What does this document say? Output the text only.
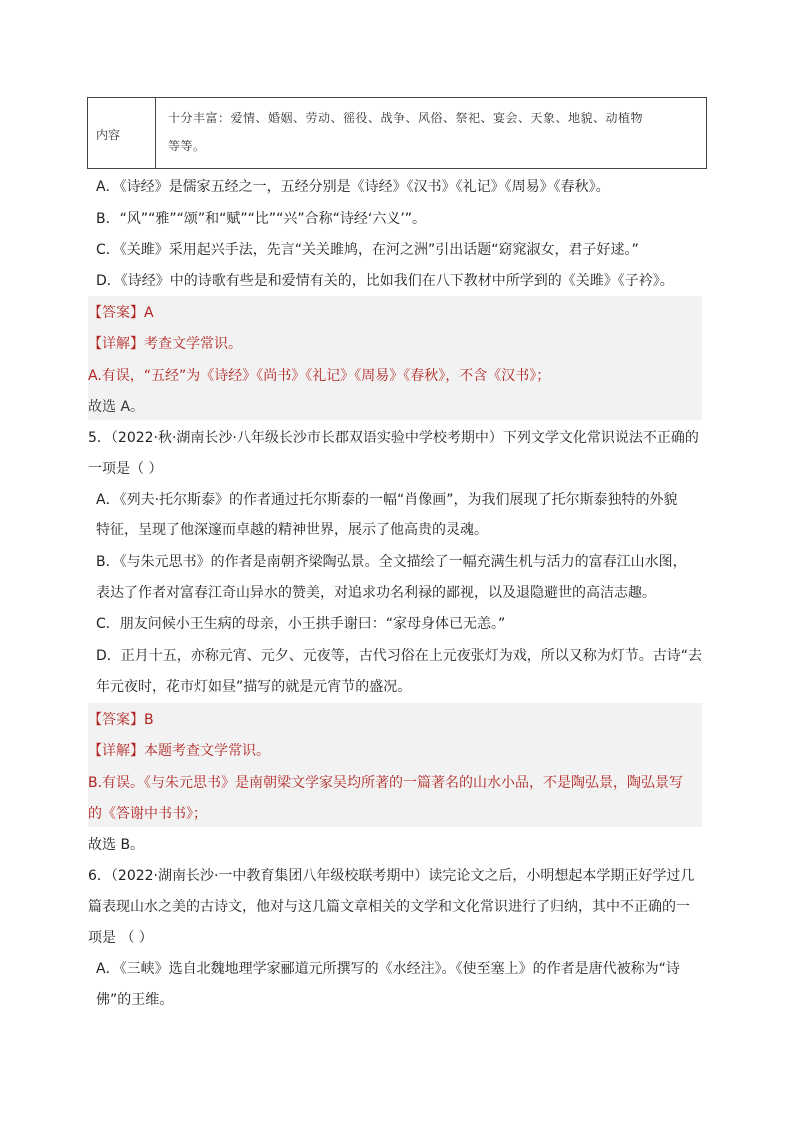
内容
十分丰富：爱情、婚姻、劳动、徭役、战争、风俗、祭祀、宴会、天象、地貌、动植物
等等。
A．《诗经》是儒家五经之一，五经分别是《诗经》《汉书》《礼记》《周易》《春秋》。
B．“风”“雅”“颂”和“赋”“比”“兴”合称“诗经‘六义’”。
C．《关雎》采用起兴手法，先言“关关雎鸠，在河之洲”引出话题“窈窕淑女，君子好逑。”
D．《诗经》中的诗歌有些是和爱情有关的，比如我们在八下教材中所学到的《关雎》《子衿》。
【答案】A
【详解】考查文学常识。
A.有误，“五经”为《诗经》《尚书》《礼记》《周易》《春秋》，不含《汉书》；
故选 A。
5．（2022·秋·湖南长沙·八年级长沙市长郡双语实验中学校考期中）下列文学文化常识说法不正确的
一项是（ ）
A．《列夫·托尔斯泰》的作者通过托尔斯泰的一幅“肖像画”，为我们展现了托尔斯泰独特的外貌
特征，呈现了他深邃而卓越的精神世界，展示了他高贵的灵魂。
B．《与朱元思书》的作者是南朝齐梁陶弘景。全文描绘了一幅充满生机与活力的富春江山水图，
表达了作者对富春江奇山异水的赞美，对追求功名利禄的鄙视，以及退隐避世的高洁志趣。
C．朋友问候小王生病的母亲，小王拱手谢曰：“家母身体已无恙。”
D．正月十五，亦称元宵、元夕、元夜等，古代习俗在上元夜张灯为戏，所以又称为灯节。古诗“去
年元夜时，花市灯如昼”描写的就是元宵节的盛况。
【答案】B
【详解】本题考查文学常识。
B.有误。《与朱元思书》是南朝梁文学家吴均所著的一篇著名的山水小品，不是陶弘景，陶弘景写
的《答谢中书书》；
故选 B。
6．（2022·湖南长沙·一中教育集团八年级校联考期中）读完论文之后，小明想起本学期正好学过几
篇表现山水之美的古诗文，他对与这几篇文章相关的文学和文化常识进行了归纳，其中不正确的一
项是 （ ）
A．《三峡》选自北魏地理学家郦道元所撰写的《水经注》。《使至塞上》的作者是唐代被称为“诗
佛”的王维。
